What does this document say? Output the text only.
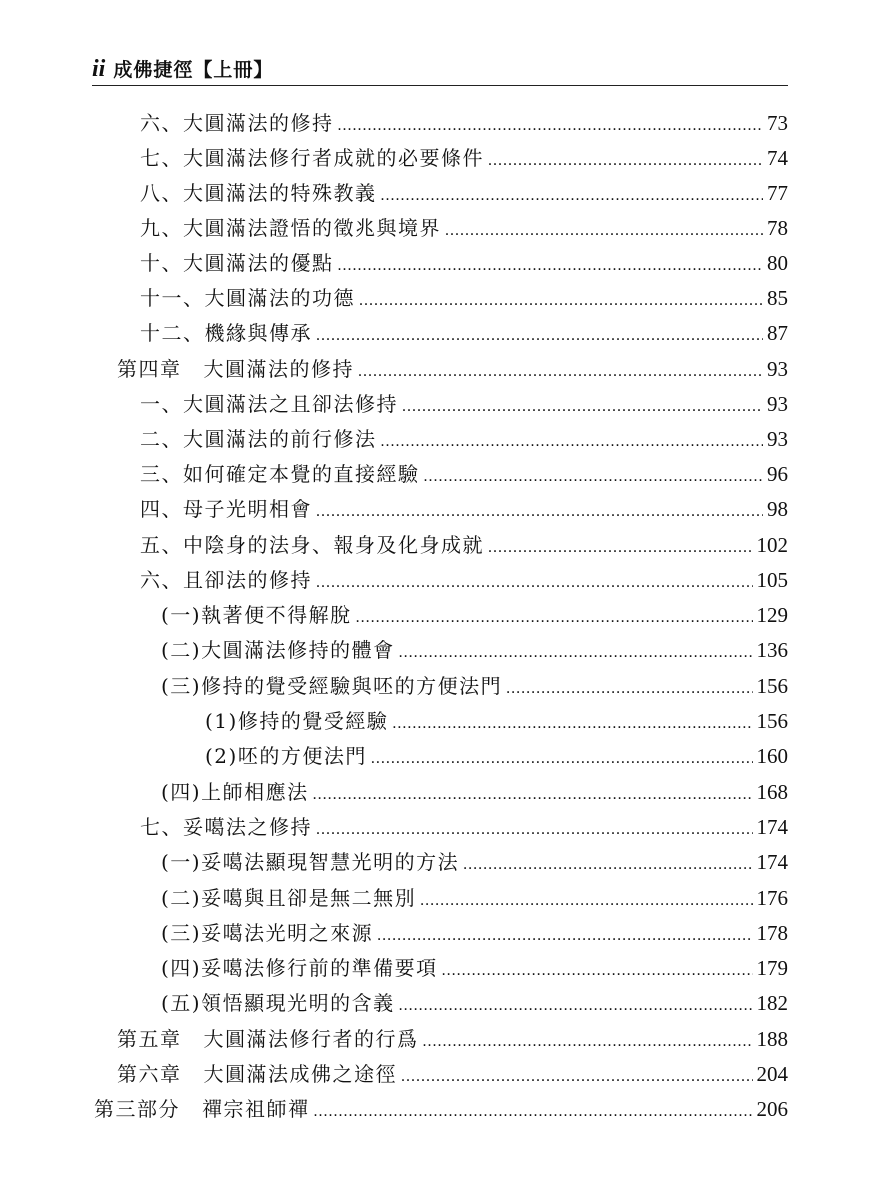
ii 成佛捷徑【上冊】
六、大圓滿法的修持 .....	73
七、大圓滿法修行者成就的必要條件 .....	74
八、大圓滿法的特殊教義 .....	77
九、大圓滿法證悟的徵兆與境界 .....	78
十、大圓滿法的優點 .....	80
十一、大圓滿法的功德 .....	85
十二、機緣與傳承 .....	87
第四章 大圓滿法的修持 .....	93
一、大圓滿法之且卻法修持 .....	93
二、大圓滿法的前行修法 .....	93
三、如何確定本覺的直接經驗 .....	96
四、母子光明相會 .....	98
五、中陰身的法身、報身及化身成就 .....	102
六、且卻法的修持 .....	105
(一)執著便不得解脫 .....	129
(二)大圓滿法修持的體會 .....	136
(三)修持的覺受經驗與呸的方便法門 .....	156
(1)修持的覺受經驗 .....	156
(2)呸的方便法門 .....	160
(四)上師相應法 .....	168
七、妥噶法之修持 .....	174
(一)妥噶法顯現智慧光明的方法 .....	174
(二)妥噶與且卻是無二無別 .....	176
(三)妥噶法光明之來源 .....	178
(四)妥噶法修行前的準備要項 .....	179
(五)領悟顯現光明的含義 .....	182
第五章 大圓滿法修行者的行爲 .....	188
第六章 大圓滿法成佛之途徑 .....	204
第三部分 禪宗祖師禪 .....	206
